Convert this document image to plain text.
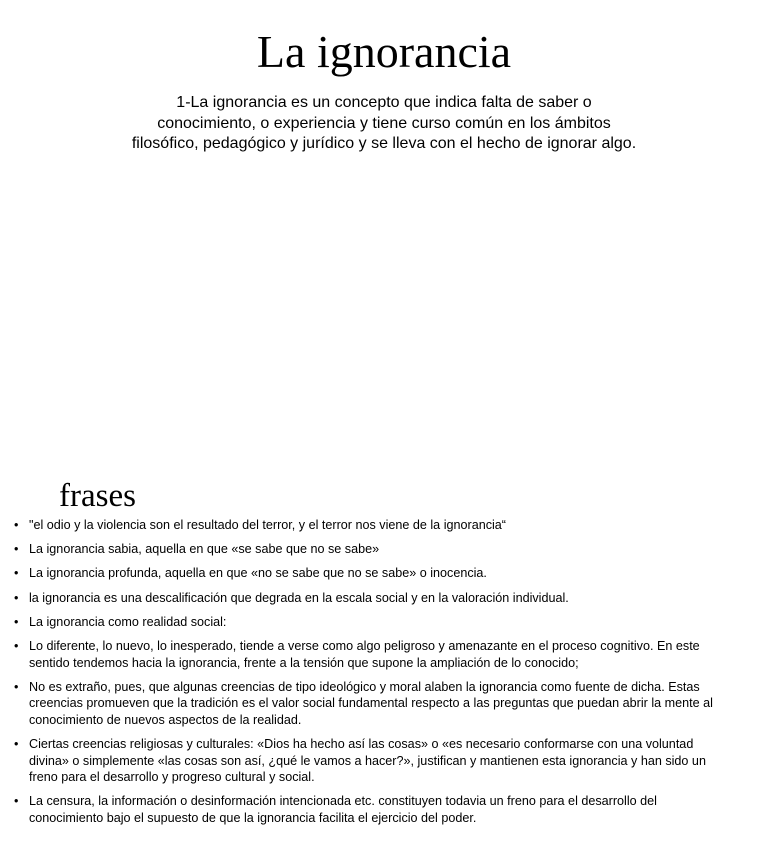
La ignorancia

1-La ignorancia es un concepto que indica falta de saber o
conocimiento, o experiencia y tiene curso común en los ámbitos
filosófico, pedagógico y jurídico y se lleva con el hecho de ignorar algo.

frases
• "el odio y la violencia son el resultado del terror, y el terror nos viene de la ignorancia“
• La ignorancia sabia, aquella en que «se sabe que no se sabe»
• La ignorancia profunda, aquella en que «no se sabe que no se sabe» o inocencia.
• la ignorancia es una descalificación que degrada en la escala social y en la valoración individual.
• La ignorancia como realidad social:
• Lo diferente, lo nuevo, lo inesperado, tiende a verse como algo peligroso y amenazante en el proceso cognitivo. En este sentido tendemos hacia la ignorancia, frente a la tensión que supone la ampliación de lo conocido;
• No es extraño, pues, que algunas creencias de tipo ideológico y moral alaben la ignorancia como fuente de dicha. Estas creencias promueven que la tradición es el valor social fundamental respecto a las preguntas que puedan abrir la mente al conocimiento de nuevos aspectos de la realidad.
• Ciertas creencias religiosas y culturales: «Dios ha hecho así las cosas» o «es necesario conformarse con una voluntad divina» o simplemente «las cosas son así, ¿qué le vamos a hacer?», justifican y mantienen esta ignorancia y han sido un freno para el desarrollo y progreso cultural y social.
• La censura, la información o desinformación intencionada etc. constituyen todavia un freno para el desarrollo del conocimiento bajo el supuesto de que la ignorancia facilita el ejercicio del poder.
